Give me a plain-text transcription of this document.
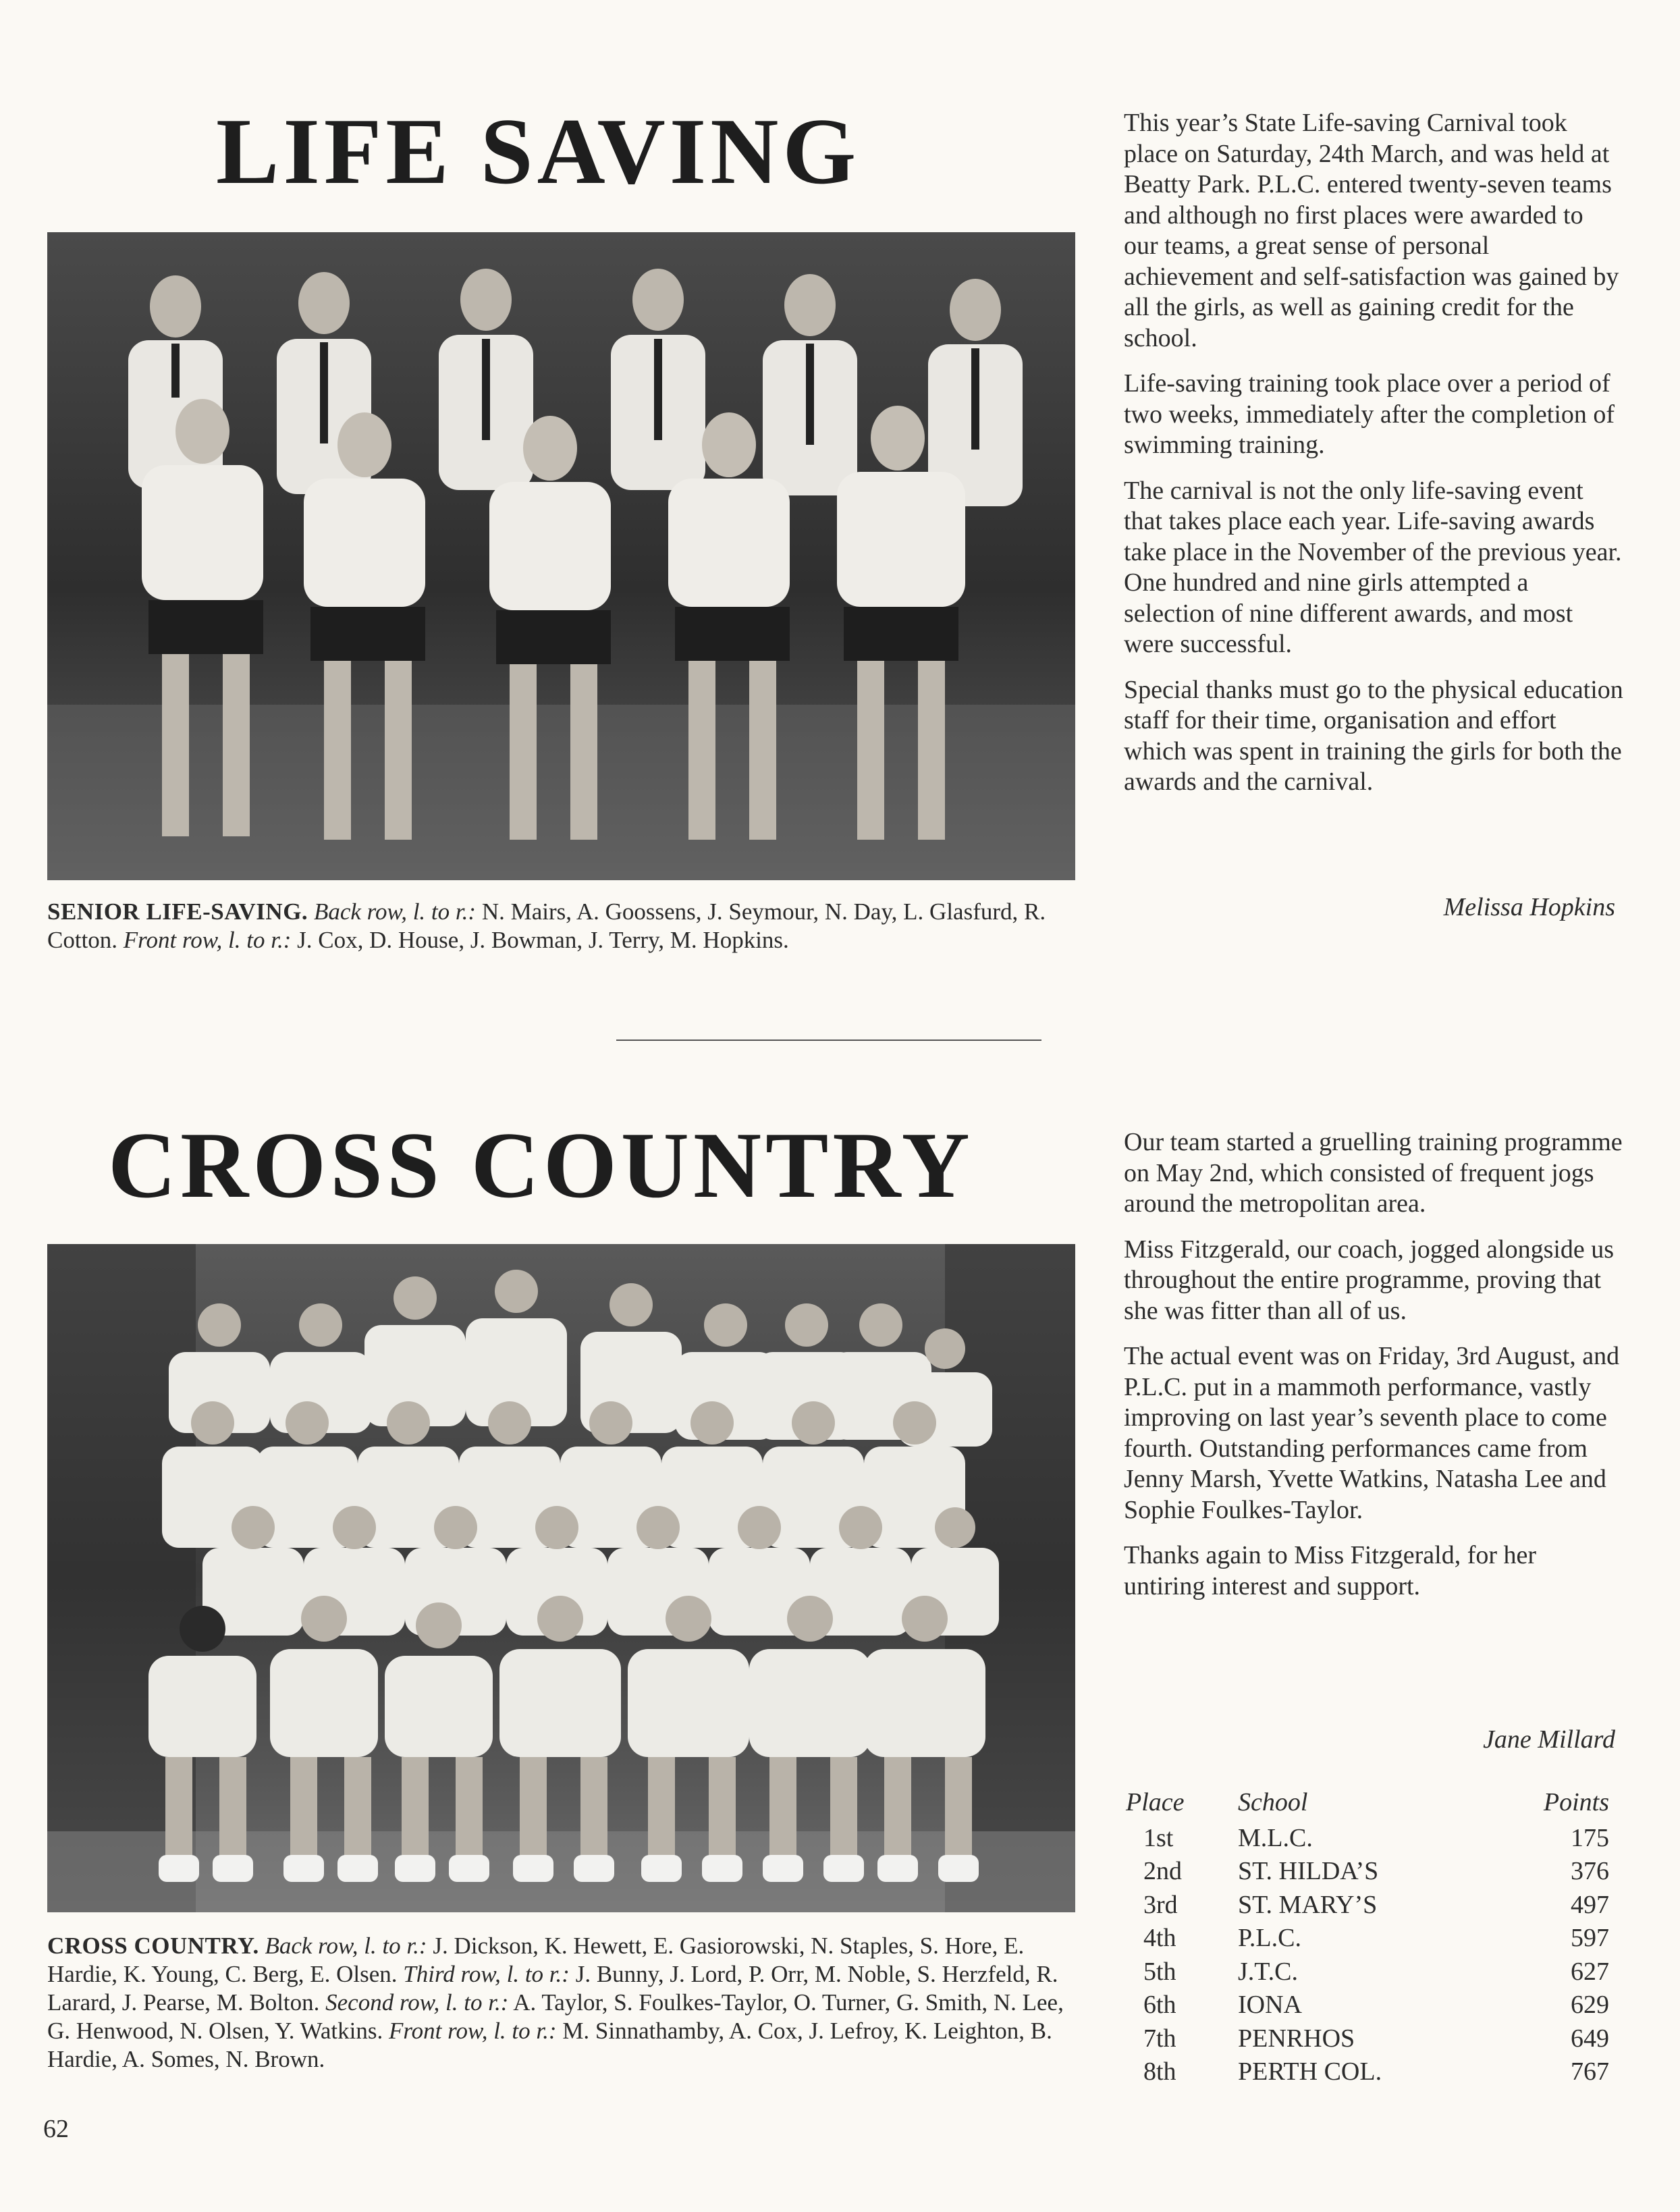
LIFE SAVING
SENIOR LIFE-SAVING. Back row, l. to r.: N. Mairs, A. Goossens, J. Seymour, N. Day, L. Glasfurd, R. Cotton. Front row, l. to r.: J. Cox, D. House, J. Bowman, J. Terry, M. Hopkins.

This year’s State Life-saving Carnival took place on Saturday, 24th March, and was held at Beatty Park. P.L.C. entered twenty-seven teams and although no first places were awarded to our teams, a great sense of personal achievement and self-satisfaction was gained by all the girls, as well as gaining credit for the school.

Life-saving training took place over a period of two weeks, immediately after the completion of swimming training.

The carnival is not the only life-saving event that takes place each year. Life-saving awards take place in the November of the previous year. One hundred and nine girls attempted a selection of nine different awards, and most were successful.

Special thanks must go to the physical education staff for their time, organisation and effort which was spent in training the girls for both the awards and the carnival.

Melissa Hopkins
CROSS COUNTRY
CROSS COUNTRY. Back row, l. to r.: J. Dickson, K. Hewett, E. Gasiorowski, N. Staples, S. Hore, E. Hardie, K. Young, C. Berg, E. Olsen. Third row, l. to r.: J. Bunny, J. Lord, P. Orr, M. Noble, S. Herzfeld, R. Larard, J. Pearse, M. Bolton. Second row, l. to r.: A. Taylor, S. Foulkes-Taylor, O. Turner, G. Smith, N. Lee, G. Henwood, N. Olsen, Y. Watkins. Front row, l. to r.: M. Sinnathamby, A. Cox, J. Lefroy, K. Leighton, B. Hardie, A. Somes, N. Brown.

Our team started a gruelling training programme on May 2nd, which consisted of frequent jogs around the metropolitan area.

Miss Fitzgerald, our coach, jogged alongside us throughout the entire programme, proving that she was fitter than all of us.

The actual event was on Friday, 3rd August, and P.L.C. put in a mammoth performance, vastly improving on last year’s seventh place to come fourth. Outstanding performances came from Jenny Marsh, Yvette Watkins, Natasha Lee and Sophie Foulkes-Taylor.

Thanks again to Miss Fitzgerald, for her untiring interest and support.

Jane Millard
Place	School	Points
1st	M.L.C.	175
2nd	ST. HILDA’S	376
3rd	ST. MARY’S	497
4th	P.L.C.	597
5th	J.T.C.	627
6th	IONA	629
7th	PENRHOS	649
8th	PERTH COL.	767
62
